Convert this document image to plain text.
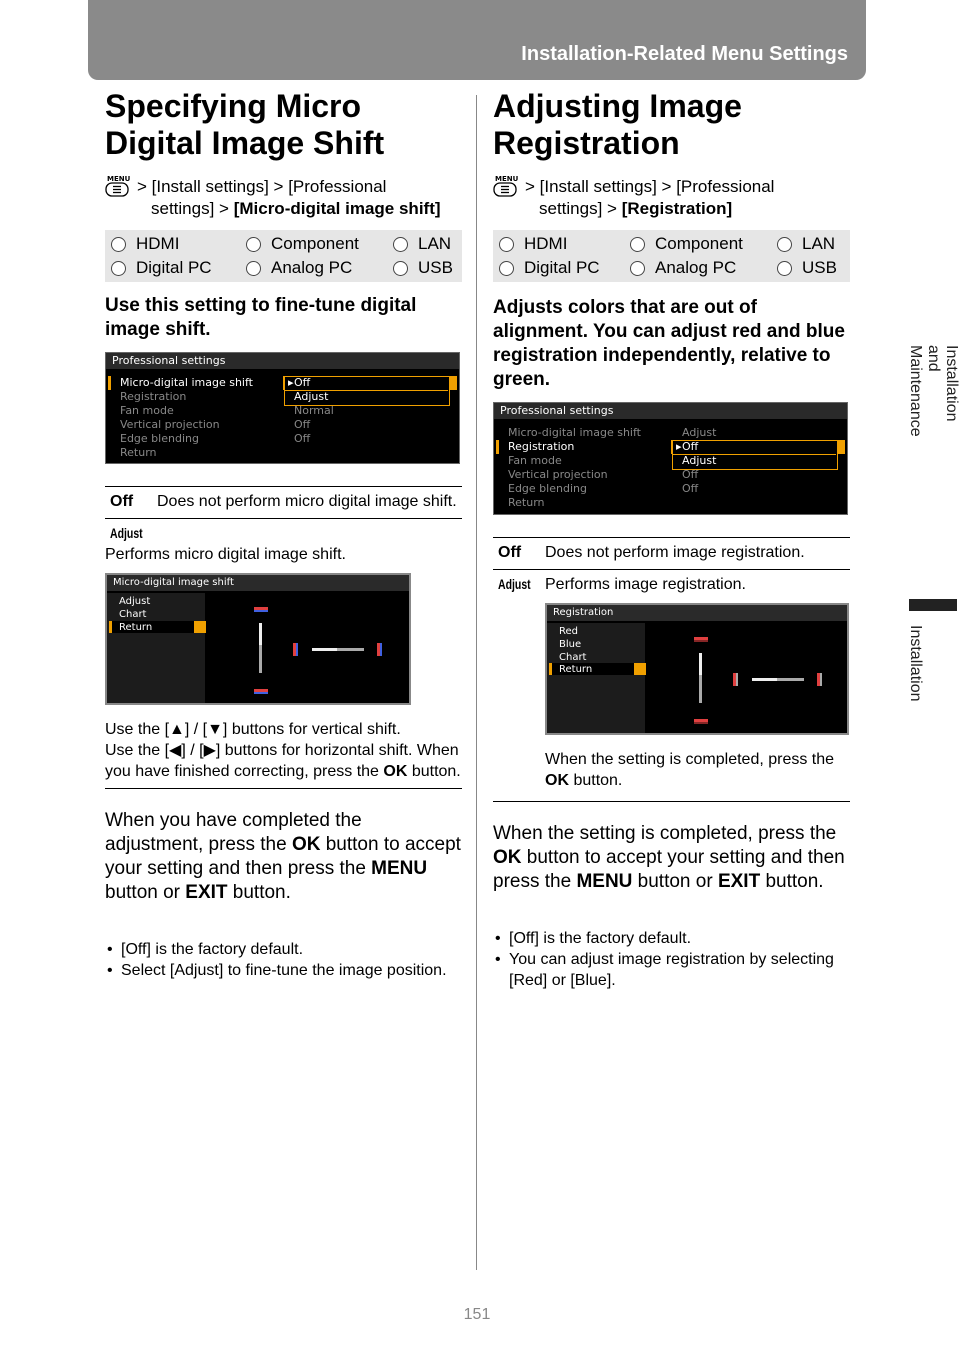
Installation-Related Menu Settings
Specifying Micro Digital Image Shift
MENU > [Install settings] > [Professional
settings] > [Micro-digital image shift]
HDMI	Component	LAN
Digital PC	Analog PC	USB
Use this setting to fine-tune digital image shift.
Professional settings
Micro-digital image shift	▸ Off
Registration	Adjust
Fan mode	Normal
Vertical projection	Off
Edge blending	Off
Return
Off	Does not perform micro digital image shift.
Adjust
Performs micro digital image shift.
Micro-digital image shift
Adjust
Chart
Return
Use the [▲] / [▼] buttons for vertical shift.
Use the [◀] / [▶] buttons for horizontal shift. When you have finished correcting, press the OK button.
When you have completed the adjustment, press the OK button to accept your setting and then press the MENU button or EXIT button.
• [Off] is the factory default.
• Select [Adjust] to fine-tune the image position.
Adjusting Image Registration
MENU > [Install settings] > [Professional
settings] > [Registration]
HDMI	Component	LAN
Digital PC	Analog PC	USB
Adjusts colors that are out of alignment. You can adjust red and blue registration independently, relative to green.
Professional settings
Micro-digital image shift	Adjust
Registration	▸ Off
Fan mode	Adjust
Vertical projection	Off
Edge blending	Off
Return
Off	Does not perform image registration.
Adjust Performs image registration.
Registration
Red
Blue
Chart
Return
When the setting is completed, press the OK button.
When the setting is completed, press the OK button to accept your setting and then press the MENU button or EXIT button.
• [Off] is the factory default.
• You can adjust image registration by selecting [Red] or [Blue].
Installation and Maintenance
Installation
151
